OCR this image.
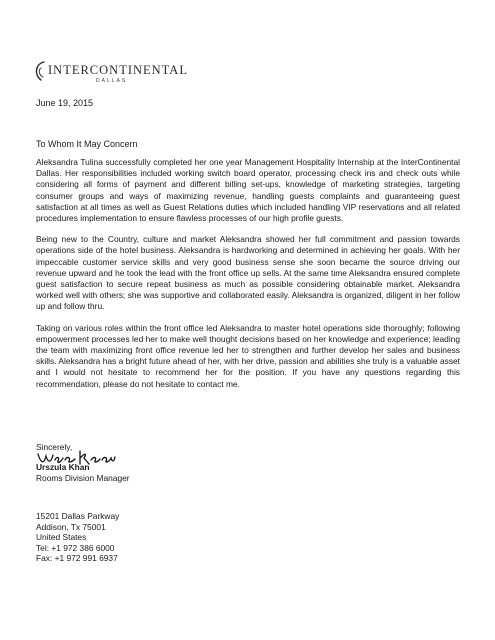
INTERCONTINENTAL
DALLAS
June 19, 2015
To Whom It May Concern

Aleksandra Tulina successfully completed her one year Management Hospitality Internship at the InterContinental Dallas. Her responsibilities included working switch board operator, processing check ins and check outs while considering all forms of payment and different billing set-ups, knowledge of marketing strategies, targeting consumer groups and ways of maximizing revenue, handling guests complaints and guaranteeing guest satisfaction at all times as well as Guest Relations duties which included handling VIP reservations and all related procedures implementation to ensure flawless processes of our high profile guests.

Being new to the Country, culture and market Aleksandra showed her full commitment and passion towards operations side of the hotel business. Aleksandra is hardworking and determined in achieving her goals. With her impeccable customer service skills and very good business sense she soon became the source driving our revenue upward and he took the lead with the front office up sells. At the same time Aleksandra ensured complete guest satisfaction to secure repeat business as much as possible considering obtainable market. Aleksandra worked well with others; she was supportive and collaborated easily. Aleksandra is organized, diligent in her follow up and follow thru.

Taking on various roles within the front office led Aleksandra to master hotel operations side thoroughly; following empowerment processes led her to make well thought decisions based on her knowledge and experience; leading the team with maximizing front office revenue led her to strengthen and further develop her sales and business skills. Aleksandra has a bright future ahead of her, with her drive, passion and abilities she truly is a valuable asset and I would not hesitate to recommend her for the position. If you have any questions regarding this recommendation, please do not hesitate to contact me.

Sincerely,
Urszula Khan
Rooms Division Manager
15201 Dallas Parkway
Addison, Tx 75001
United States
Tel: +1 972 386 6000
Fax: +1 972 991 6937
